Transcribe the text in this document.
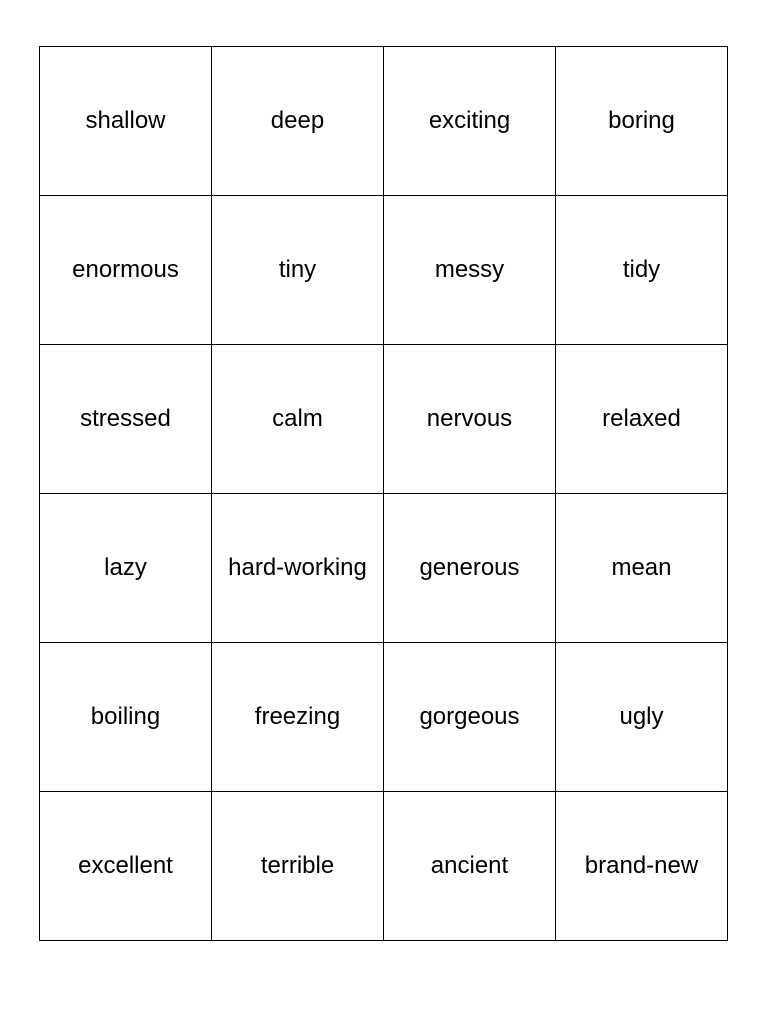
shallow	deep	exciting	boring
enormous	tiny	messy	tidy
stressed	calm	nervous	relaxed
lazy	hard-working	generous	mean
boiling	freezing	gorgeous	ugly
excellent	terrible	ancient	brand-new
